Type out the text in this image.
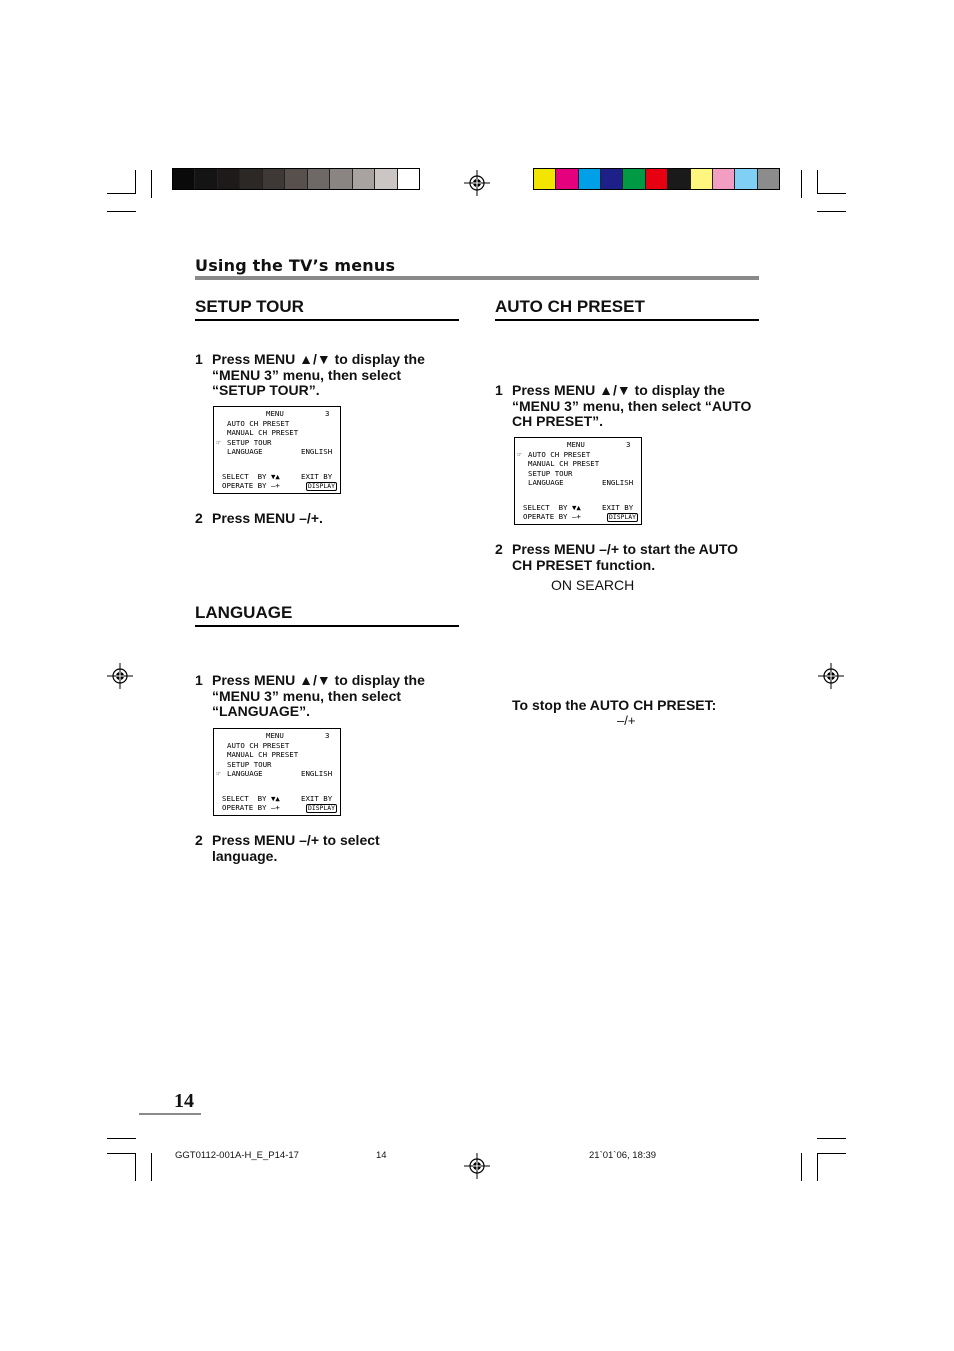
Using the TV’s menus
SETUP TOUR
1 Press MENU ▲/▼ to display the
“MENU 3” menu, then select
“SETUP TOUR”.
MENU	3
AUTO CH PRESET
MANUAL CH PRESET
☞ SETUP TOUR
LANGUAGE	ENGLISH
SELECT  BY ▼▲	EXIT BY
OPERATE BY –+	DISPLAY
2 Press MENU –/+.
LANGUAGE
1 Press MENU ▲/▼ to display the
“MENU 3” menu, then select
“LANGUAGE”.
MENU	3
AUTO CH PRESET
MANUAL CH PRESET
SETUP TOUR
☞ LANGUAGE	ENGLISH
SELECT  BY ▼▲	EXIT BY
OPERATE BY –+	DISPLAY
2 Press MENU –/+ to select
language.
AUTO CH PRESET
1 Press MENU ▲/▼ to display the
“MENU 3” menu, then select “AUTO
CH PRESET”.
MENU	3
☞ AUTO CH PRESET
MANUAL CH PRESET
SETUP TOUR
LANGUAGE	ENGLISH
SELECT  BY ▼▲	EXIT BY
OPERATE BY –+	DISPLAY
2 Press MENU –/+ to start the AUTO
CH PRESET function.
ON SEARCH
To stop the AUTO CH PRESET:
–/+
14
GGT0112-001A-H_E_P14-17	14	21`01`06, 18:39
